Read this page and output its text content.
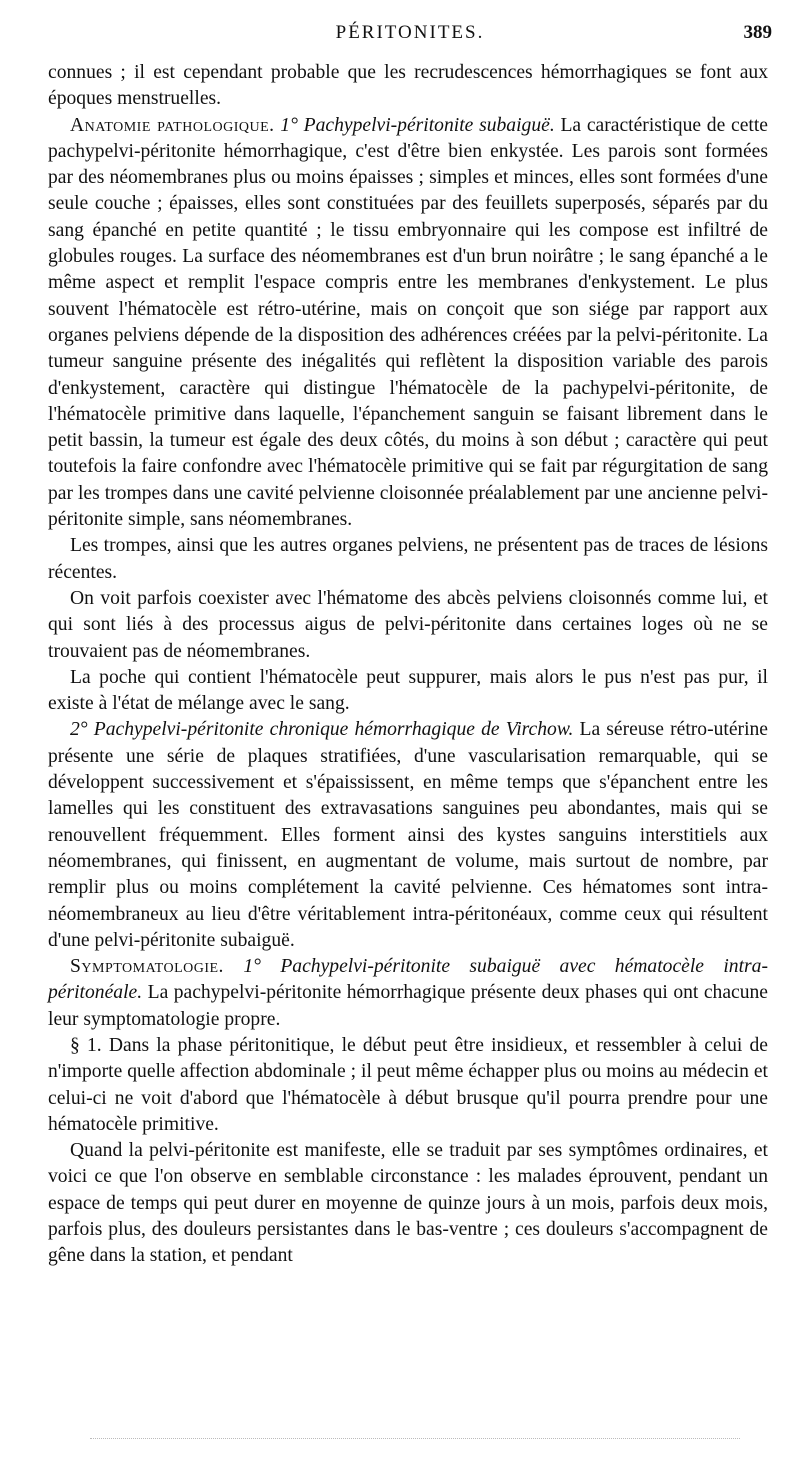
PÉRITONITES.	389

connues ; il est cependant probable que les recrudescences hémorrhagiques se font aux époques menstruelles.

Anatomie pathologique. 1° Pachypelvi-péritonite subaiguë. La caractéristique de cette pachypelvi-péritonite hémorrhagique, c'est d'être bien enkystée. Les parois sont formées par des néomembranes plus ou moins épaisses ; simples et minces, elles sont formées d'une seule couche ; épaisses, elles sont constituées par des feuillets superposés, séparés par du sang épanché en petite quantité ; le tissu embryonnaire qui les compose est infiltré de globules rouges. La surface des néomembranes est d'un brun noirâtre ; le sang épanché a le même aspect et remplit l'espace compris entre les membranes d'enkystement. Le plus souvent l'hématocèle est rétro-utérine, mais on conçoit que son siége par rapport aux organes pelviens dépende de la disposition des adhérences créées par la pelvi-péritonite. La tumeur sanguine présente des inégalités qui reflètent la disposition variable des parois d'enkystement, caractère qui distingue l'hématocèle de la pachypelvi-péritonite, de l'hématocèle primitive dans laquelle, l'épanchement sanguin se faisant librement dans le petit bassin, la tumeur est égale des deux côtés, du moins à son début ; caractère qui peut toutefois la faire confondre avec l'hématocèle primitive qui se fait par régurgitation de sang par les trompes dans une cavité pelvienne cloisonnée préalablement par une ancienne pelvi-péritonite simple, sans néomembranes.

Les trompes, ainsi que les autres organes pelviens, ne présentent pas de traces de lésions récentes.

On voit parfois coexister avec l'hématome des abcès pelviens cloisonnés comme lui, et qui sont liés à des processus aigus de pelvi-péritonite dans certaines loges où ne se trouvaient pas de néomembranes.

La poche qui contient l'hématocèle peut suppurer, mais alors le pus n'est pas pur, il existe à l'état de mélange avec le sang.

2° Pachypelvi-péritonite chronique hémorrhagique de Virchow. La séreuse rétro-utérine présente une série de plaques stratifiées, d'une vascularisation remarquable, qui se développent successivement et s'épaississent, en même temps que s'épanchent entre les lamelles qui les constituent des extravasations sanguines peu abondantes, mais qui se renouvellent fréquemment. Elles forment ainsi des kystes sanguins interstitiels aux néomembranes, qui finissent, en augmentant de volume, mais surtout de nombre, par remplir plus ou moins complétement la cavité pelvienne. Ces hématomes sont intra-néomembraneux au lieu d'être véritablement intra-péritonéaux, comme ceux qui résultent d'une pelvi-péritonite subaiguë.

Symptomatologie. 1° Pachypelvi-péritonite subaiguë avec hématocèle intra-péritonéale. La pachypelvi-péritonite hémorrhagique présente deux phases qui ont chacune leur symptomatologie propre.

§ 1. Dans la phase péritonitique, le début peut être insidieux, et ressembler à celui de n'importe quelle affection abdominale ; il peut même échapper plus ou moins au médecin et celui-ci ne voit d'abord que l'hématocèle à début brusque qu'il pourra prendre pour une hématocèle primitive.

Quand la pelvi-péritonite est manifeste, elle se traduit par ses symptômes ordinaires, et voici ce que l'on observe en semblable circonstance : les malades éprouvent, pendant un espace de temps qui peut durer en moyenne de quinze jours à un mois, parfois deux mois, parfois plus, des douleurs persistantes dans le bas-ventre ; ces douleurs s'accompagnent de gêne dans la station, et pendant
